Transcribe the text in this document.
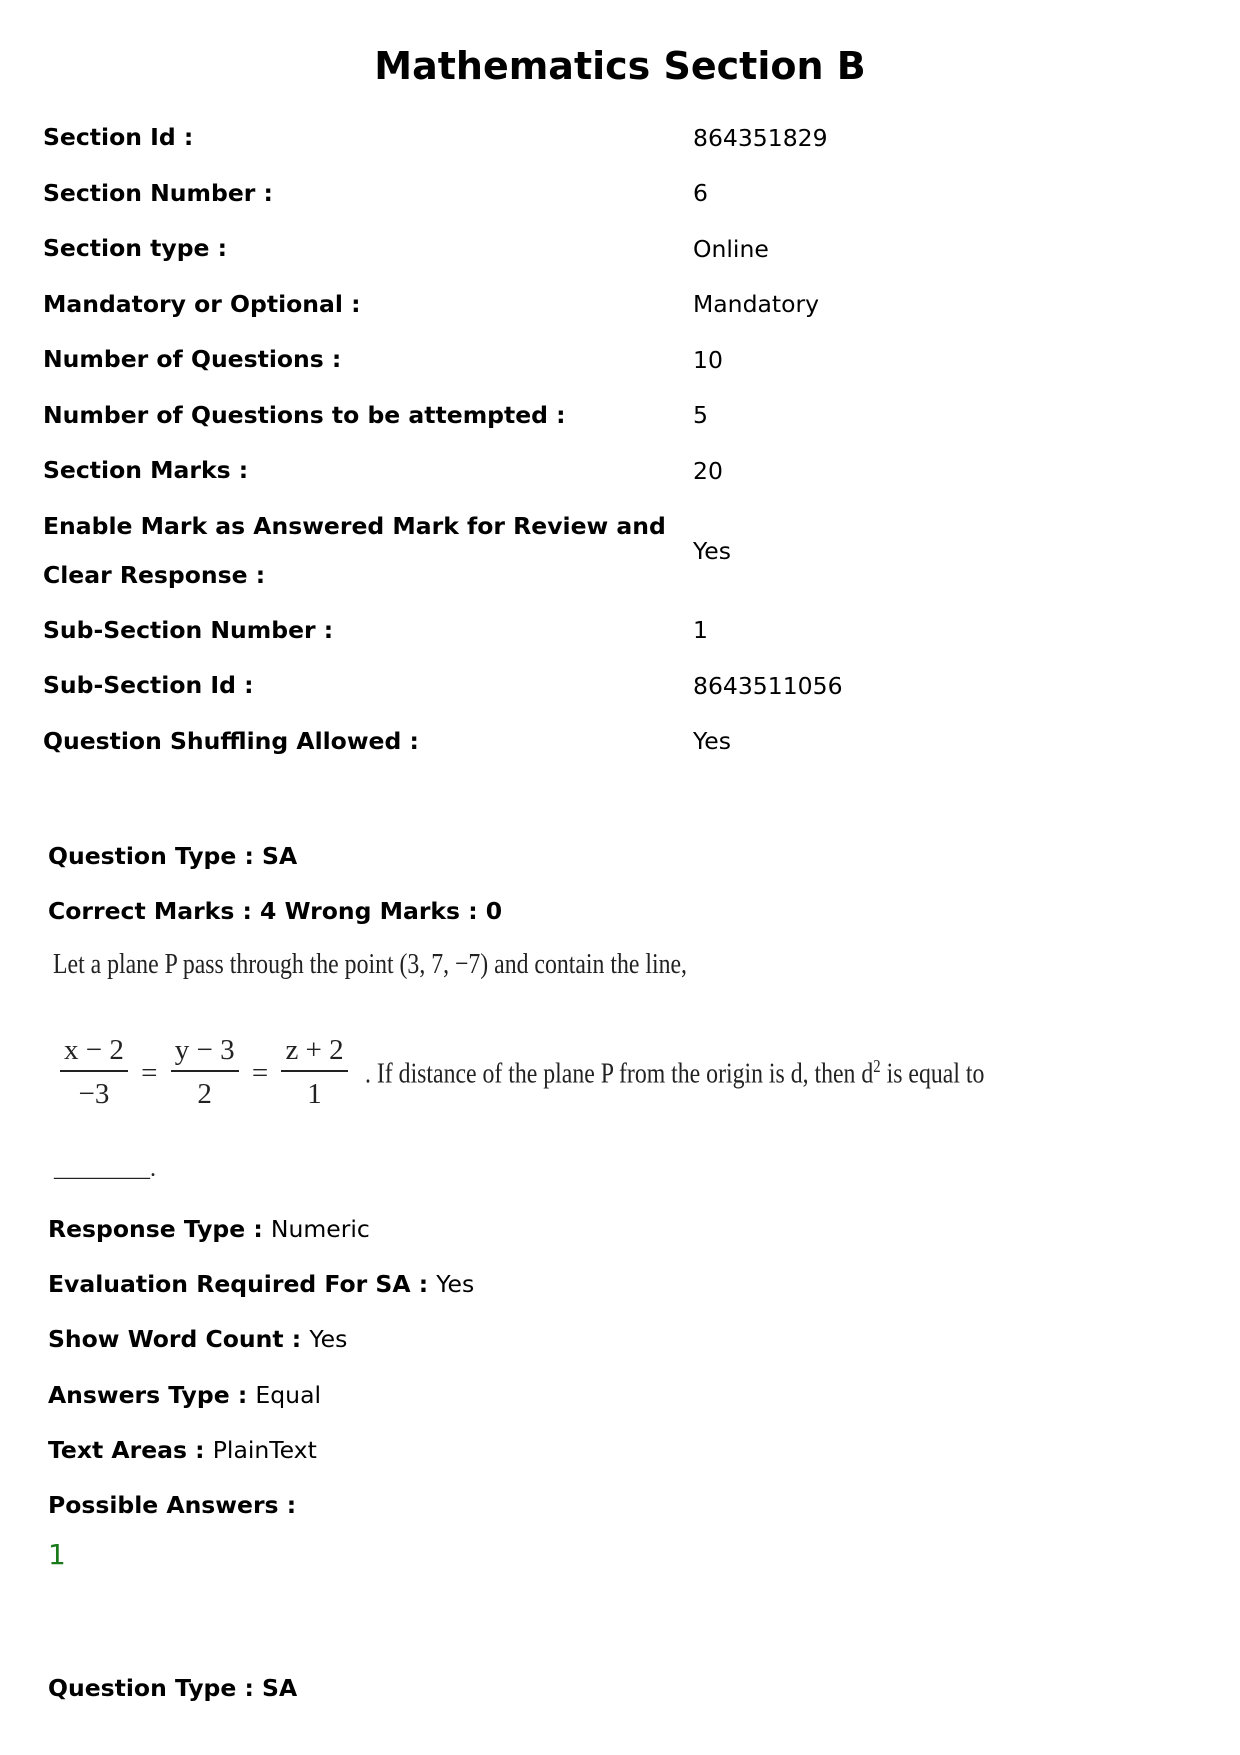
Mathematics Section B
Section Id :	864351829
Section Number :	6
Section type :	Online
Mandatory or Optional :	Mandatory
Number of Questions :	10
Number of Questions to be attempted :	5
Section Marks :	20
Enable Mark as Answered Mark for Review and
Clear Response :	Yes
Sub-Section Number :	1
Sub-Section Id :	8643511056
Question Shuffling Allowed :	Yes
Question Type : SA
Correct Marks : 4 Wrong Marks : 0
Let a plane P pass through the point (3, 7, −7) and contain the line,
$\frac{x - 2}{-3} = \frac{y - 3}{2} = \frac{z + 2}{1}$ . If distance of the plane P from the origin is d, then $d^2$ is equal to
________.
Response Type : Numeric
Evaluation Required For SA : Yes
Show Word Count : Yes
Answers Type : Equal
Text Areas : PlainText
Possible Answers :
1
Question Type : SA
